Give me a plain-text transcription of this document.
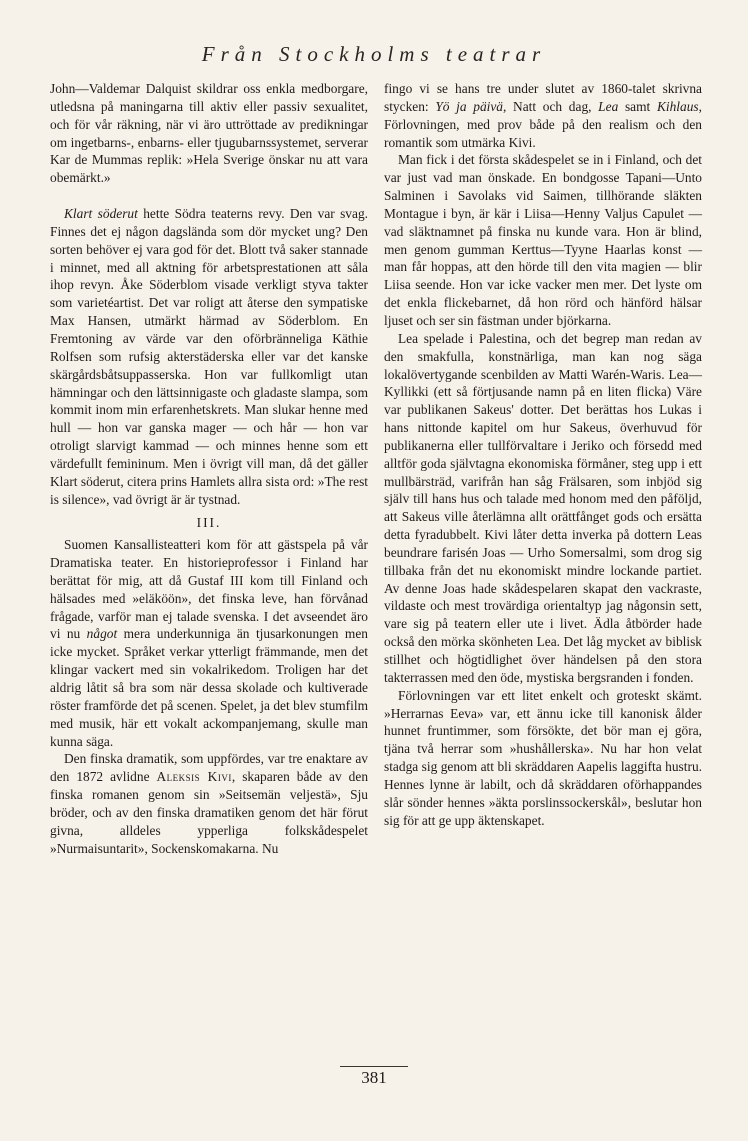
Från Stockholms teatrar

John—Valdemar Dalquist skildrar oss enkla medborgare, utledsna på maningarna till aktiv eller passiv sexualitet, och för vår räkning, när vi äro uttröttade av predikningar om ingetbarns-, enbarns- eller tjugubarnssystemet, serverar Kar de Mummas replik: »Hela Sverige önskar nu att vara obemärkt.»

Klart söderut hette Södra teaterns revy. Den var svag. Finnes det ej någon dagslända som dör mycket ung? Den sorten behöver ej vara god för det. Blott två saker stannade i minnet, med all aktning för arbetsprestationen att såla ihop revyn. Åke Söderblom visade verkligt styva takter som varietéartist. Det var roligt att återse den sympatiske Max Hansen, utmärkt härmad av Söderblom. En Fremtoning av värde var den oförbränneliga Käthie Rolfsen som rufsig akterstäderska eller var det kanske skärgårdsbåtsuppasserska. Hon var fullkomligt utan hämningar och den lättsinnigaste och gladaste slampa, som kommit inom min erfarenhetskrets. Man slukar henne med hull — hon var ganska mager — och hår — hon var otroligt slarvigt kammad — och minnes henne som ett värdefullt femininum. Men i övrigt vill man, då det gäller Klart söderut, citera prins Hamlets allra sista ord: »The rest is silence», vad övrigt är är tystnad.

III.

Suomen Kansallisteatteri kom för att gästspela på vår Dramatiska teater. En historieprofessor i Finland har berättat för mig, att då Gustaf III kom till Finland och hälsades med »eläköön», det finska leve, han förvånad frågade, varför man ej talade svenska. I det avseendet äro vi nu något mera underkunniga än tjusarkonungen men icke mycket. Språket verkar ytterligt främmande, men det klingar vackert med sin vokalrikedom. Troligen har det aldrig låtit så bra som när dessa skolade och kultiverade röster framförde det på scenen. Spelet, ja det blev stumfilm med musik, här ett vokalt ackompanjemang, skulle man kunna säga.

Den finska dramatik, som uppfördes, var tre enaktare av den 1872 avlidne Aleksis Kivi, skaparen både av den finska romanen genom sin »Seitsemän veljestä», Sju bröder, och av den finska dramatiken genom det här förut givna, alldeles ypperliga folkskådespelet »Nurmaisuntarit», Sockenskomakarna. Nu

fingo vi se hans tre under slutet av 1860-talet skrivna stycken: Yö ja päivä, Natt och dag, Lea samt Kihlaus, Förlovningen, med prov både på den realism och den romantik som utmärka Kivi.

Man fick i det första skådespelet se in i Finland, och det var just vad man önskade. En bondgosse Tapani—Unto Salminen i Savolaks vid Saimen, tillhörande släkten Montague i byn, är kär i Liisa—Henny Valjus Capulet — vad släktnamnet på finska nu kunde vara. Hon är blind, men genom gumman Kerttus—Tyyne Haarlas konst — man får hoppas, att den hörde till den vita magien — blir Liisa seende. Hon var icke vacker men mer. Det lyste om det enkla flickebarnet, då hon rörd och hänförd hälsar ljuset och ser sin fästman under björkarna.

Lea spelade i Palestina, och det begrep man redan av den smakfulla, konstnärliga, man kan nog säga lokalövertygande scenbilden av Matti Warén-Waris. Lea—Kyllikki (ett så förtjusande namn på en liten flicka) Väre var publikanen Sakeus' dotter. Det berättas hos Lukas i hans nittonde kapitel om hur Sakeus, överhuvud för publikanerna eller tullförvaltare i Jeriko och försedd med alltför goda självtagna ekonomiska förmåner, steg upp i ett mullbärsträd, varifrån han såg Frälsaren, som inbjöd sig själv till hans hus och talade med honom med den påföljd, att Sakeus ville återlämna allt orättfånget gods och ersätta detta fyradubbelt. Kivi låter detta inverka på dottern Leas beundrare farisén Joas — Urho Somersalmi, som drog sig tillbaka från det nu ekonomiskt mindre lockande partiet. Av denne Joas hade skådespelaren skapat den vackraste, vildaste och mest trovärdiga orientaltyp jag någonsin sett, vare sig på teatern eller ute i livet. Ädla åtbörder hade också den mörka skönheten Lea. Det låg mycket av biblisk stillhet och högtidlighet över händelsen på den stora takterrassen med den öde, mystiska bergsranden i fonden.

Förlovningen var ett litet enkelt och groteskt skämt. »Herrarnas Eeva» var, ett ännu icke till kanonisk ålder hunnet fruntimmer, som försökte, det bör man ej göra, tjäna två herrar som »hushållerska». Nu har hon velat stadga sig genom att bli skräddaren Aapelis laggifta hustru. Hennes lynne är labilt, och då skräddaren oförhappandes slår sönder hennes »äkta porslinssockerskål», beslutar hon sig för att ge upp äktenskapet.

381
